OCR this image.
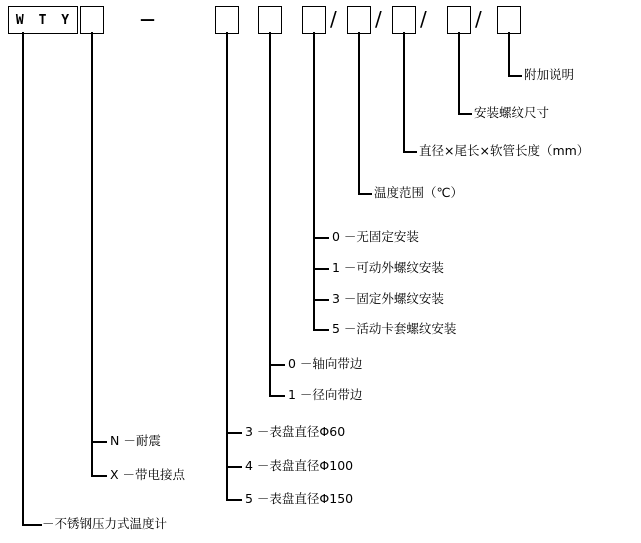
W T Y	—	/ / / /
附加说明
安装螺纹尺寸
直径×尾长×软管长度（mm）
温度范围（℃）
0 －无固定安装
1 －可动外螺纹安装
3 －固定外螺纹安装
5 －活动卡套螺纹安装
0 －轴向带边
1 －径向带边
3 －表盘直径Φ60
4 －表盘直径Φ100
5 －表盘直径Φ150
N －耐震
X －带电接点
－不锈钢压力式温度计
